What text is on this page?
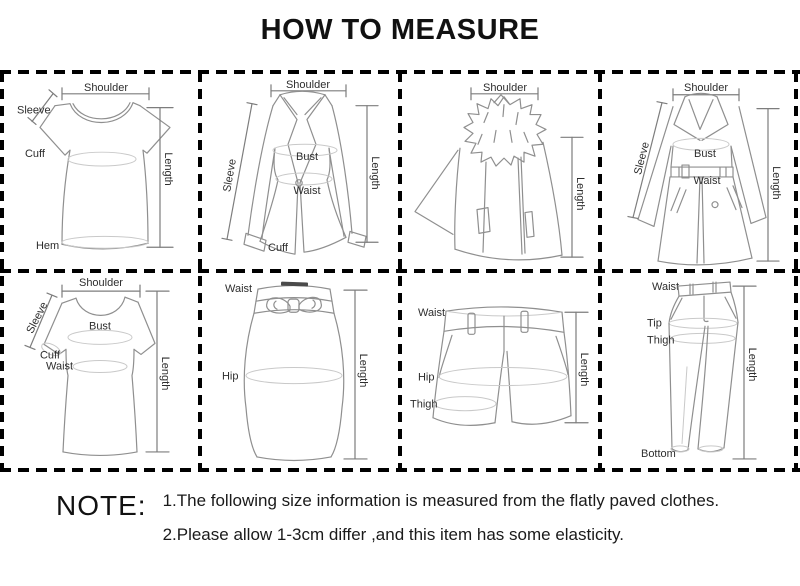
HOW TO MEASURE
Shoulder
Sleeve
Cuff	Length
Hem
Shoulder
Bust
Waist
Sleeve	Length
Cuff
Shoulder
Length
Shoulder
Bust
Waist
Sleeve
Length
Shoulder
Bust
Cuff
Waist
Sleeve
Length
Waist
Hip	Length
Waist
Hip
Thigh
Length
Waist
Tip
Thigh
Bottom
Length
NOTE: 1.The following size information is measured from the flatly paved clothes.
2.Please allow 1-3cm differ ,and this item has some elasticity.
